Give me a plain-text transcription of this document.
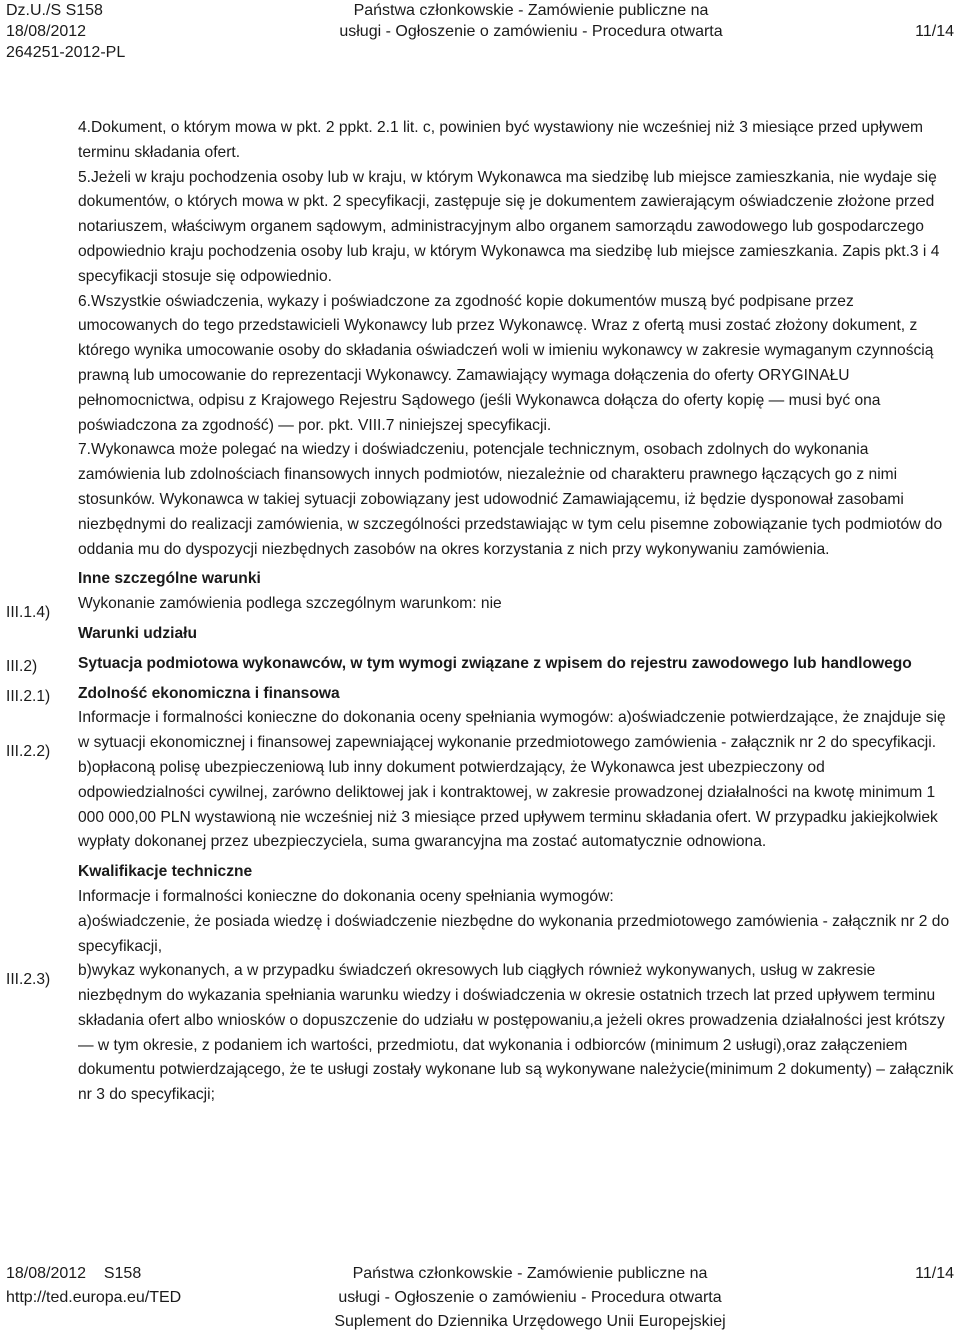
Dz.U./S S158
18/08/2012
264251-2012-PL
Państwa członkowskie - Zamówienie publiczne na
usługi - Ogłoszenie o zamówieniu - Procedura otwarta	11/14
III.1.4)
III.2)
III.2.1)
III.2.2)
III.2.3)

4.Dokument, o którym mowa w pkt. 2 ppkt. 2.1 lit. c, powinien być wystawiony nie wcześniej niż 3 miesiące przed upływem terminu składania ofert.

5.Jeżeli w kraju pochodzenia osoby lub w kraju, w którym Wykonawca ma siedzibę lub miejsce zamieszkania, nie wydaje się dokumentów, o których mowa w pkt. 2 specyfikacji, zastępuje się je dokumentem zawierającym oświadczenie złożone przed notariuszem, właściwym organem sądowym, administracyjnym albo organem samorządu zawodowego lub gospodarczego odpowiednio kraju pochodzenia osoby lub kraju, w którym Wykonawca ma siedzibę lub miejsce zamieszkania. Zapis pkt.3 i 4 specyfikacji stosuje się odpowiednio.

6.Wszystkie oświadczenia, wykazy i poświadczone za zgodność kopie dokumentów muszą być podpisane przez umocowanych do tego przedstawicieli Wykonawcy lub przez Wykonawcę. Wraz z ofertą musi zostać złożony dokument, z którego wynika umocowanie osoby do składania oświadczeń woli w imieniu wykonawcy w zakresie wymaganym czynnością prawną lub umocowanie do reprezentacji Wykonawcy. Zamawiający wymaga dołączenia do oferty ORYGINAŁU pełnomocnictwa, odpisu z Krajowego Rejestru Sądowego (jeśli Wykonawca dołącza do oferty kopię — musi być ona poświadczona za zgodność) — por. pkt. VIII.7 niniejszej specyfikacji.

7.Wykonawca może polegać na wiedzy i doświadczeniu, potencjale technicznym, osobach zdolnych do wykonania zamówienia lub zdolnościach finansowych innych podmiotów, niezależnie od charakteru prawnego łączących go z nimi stosunków. Wykonawca w takiej sytuacji zobowiązany jest udowodnić Zamawiającemu, iż będzie dysponował zasobami niezbędnymi do realizacji zamówienia, w szczególności przedstawiając w tym celu pisemne zobowiązanie tych podmiotów do oddania mu do dyspozycji niezbędnych zasobów na okres korzystania z nich przy wykonywaniu zamówienia.

Inne szczególne warunki

Wykonanie zamówienia podlega szczególnym warunkom: nie

Warunki udziału

Sytuacja podmiotowa wykonawców, w tym wymogi związane z wpisem do rejestru zawodowego lub handlowego

Zdolność ekonomiczna i finansowa

Informacje i formalności konieczne do dokonania oceny spełniania wymogów: a)oświadczenie potwierdzające, że znajduje się w sytuacji ekonomicznej i finansowej zapewniającej wykonanie przedmiotowego zamówienia - załącznik nr 2 do specyfikacji.

b)opłaconą polisę ubezpieczeniową lub inny dokument potwierdzający, że Wykonawca jest ubezpieczony od odpowiedzialności cywilnej, zarówno deliktowej jak i kontraktowej, w zakresie prowadzonej działalności na kwotę minimum 1 000 000,00 PLN wystawioną nie wcześniej niż 3 miesiące przed upływem terminu składania ofert. W przypadku jakiejkolwiek wypłaty dokonanej przez ubezpieczyciela, suma gwarancyjna ma zostać automatycznie odnowiona.

Kwalifikacje techniczne

Informacje i formalności konieczne do dokonania oceny spełniania wymogów:

a)oświadczenie, że posiada wiedzę i doświadczenie niezbędne do wykonania przedmiotowego zamówienia - załącznik nr 2 do specyfikacji,

b)wykaz wykonanych, a w przypadku świadczeń okresowych lub ciągłych również wykonywanych, usług w zakresie niezbędnym do wykazania spełniania warunku wiedzy i doświadczenia w okresie ostatnich trzech lat przed upływem terminu składania ofert albo wniosków o dopuszczenie do udziału w postępowaniu,a jeżeli okres prowadzenia działalności jest krótszy — w tym okresie, z podaniem ich wartości, przedmiotu, dat wykonania i odbiorców (minimum 2 usługi),oraz załączeniem dokumentu potwierdzającego, że te usługi zostały wykonane lub są wykonywane należycie(minimum 2 dokumenty) – załącznik nr 3 do specyfikacji;

18/08/2012    S158
http://ted.europa.eu/TED
Państwa członkowskie - Zamówienie publiczne na
usługi - Ogłoszenie o zamówieniu - Procedura otwarta
Suplement do Dziennika Urzędowego Unii Europejskiej
11/14
